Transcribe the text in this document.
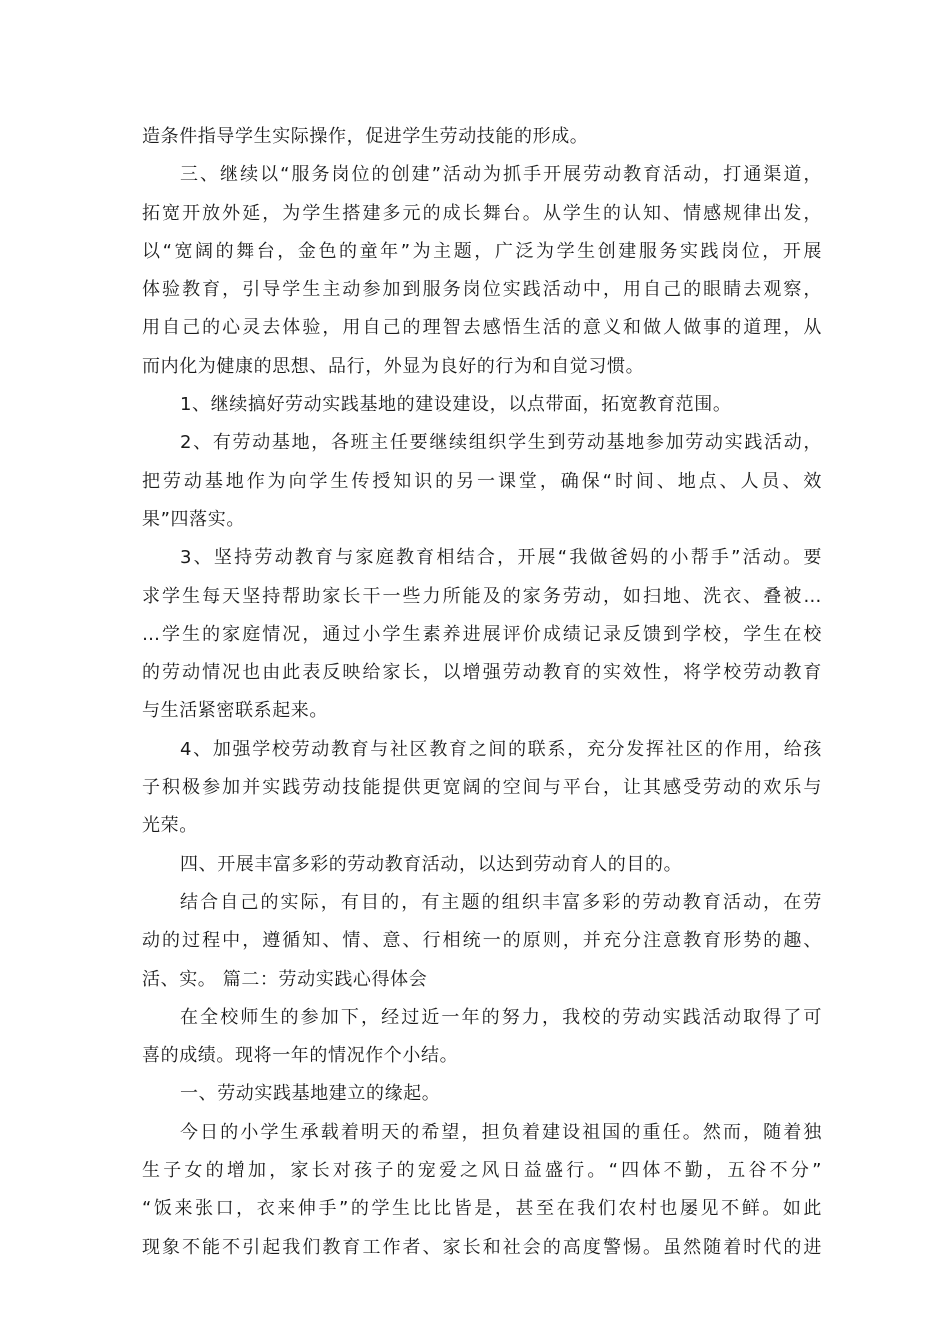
造条件指导学生实际操作，促进学生劳动技能的形成。
三、继续以“服务岗位的创建”活动为抓手开展劳动教育活动，打通渠道，
拓宽开放外延，为学生搭建多元的成长舞台。从学生的认知、情感规律出发，
以“宽阔的舞台，金色的童年”为主题，广泛为学生创建服务实践岗位，开展
体验教育，引导学生主动参加到服务岗位实践活动中，用自己的眼睛去观察，
用自己的心灵去体验，用自己的理智去感悟生活的意义和做人做事的道理，从
而内化为健康的思想、品行，外显为良好的行为和自觉习惯。
1、继续搞好劳动实践基地的建设建设，以点带面，拓宽教育范围。
2、有劳动基地，各班主任要继续组织学生到劳动基地参加劳动实践活动，
把劳动基地作为向学生传授知识的另一课堂，确保“时间、地点、人员、效
果”四落实。
3、坚持劳动教育与家庭教育相结合，开展“我做爸妈的小帮手”活动。要
求学生每天坚持帮助家长干一些力所能及的家务劳动，如扫地、洗衣、叠被…
…学生的家庭情况，通过小学生素养进展评价成绩记录反馈到学校，学生在校
的劳动情况也由此表反映给家长，以增强劳动教育的实效性，将学校劳动教育
与生活紧密联系起来。
4、加强学校劳动教育与社区教育之间的联系，充分发挥社区的作用，给孩
子积极参加并实践劳动技能提供更宽阔的空间与平台，让其感受劳动的欢乐与
光荣。
四、开展丰富多彩的劳动教育活动，以达到劳动育人的目的。
结合自己的实际，有目的，有主题的组织丰富多彩的劳动教育活动，在劳
动的过程中，遵循知、情、意、行相统一的原则，并充分注意教育形势的趣、
活、实。 篇二：劳动实践心得体会
在全校师生的参加下，经过近一年的努力，我校的劳动实践活动取得了可
喜的成绩。现将一年的情况作个小结。
一、劳动实践基地建立的缘起。
今日的小学生承载着明天的希望，担负着建设祖国的重任。然而，随着独
生子女的增加，家长对孩子的宠爱之风日益盛行。“四体不勤，五谷不分”
“饭来张口，衣来伸手”的学生比比皆是，甚至在我们农村也屡见不鲜。如此
现象不能不引起我们教育工作者、家长和社会的高度警惕。虽然随着时代的进
